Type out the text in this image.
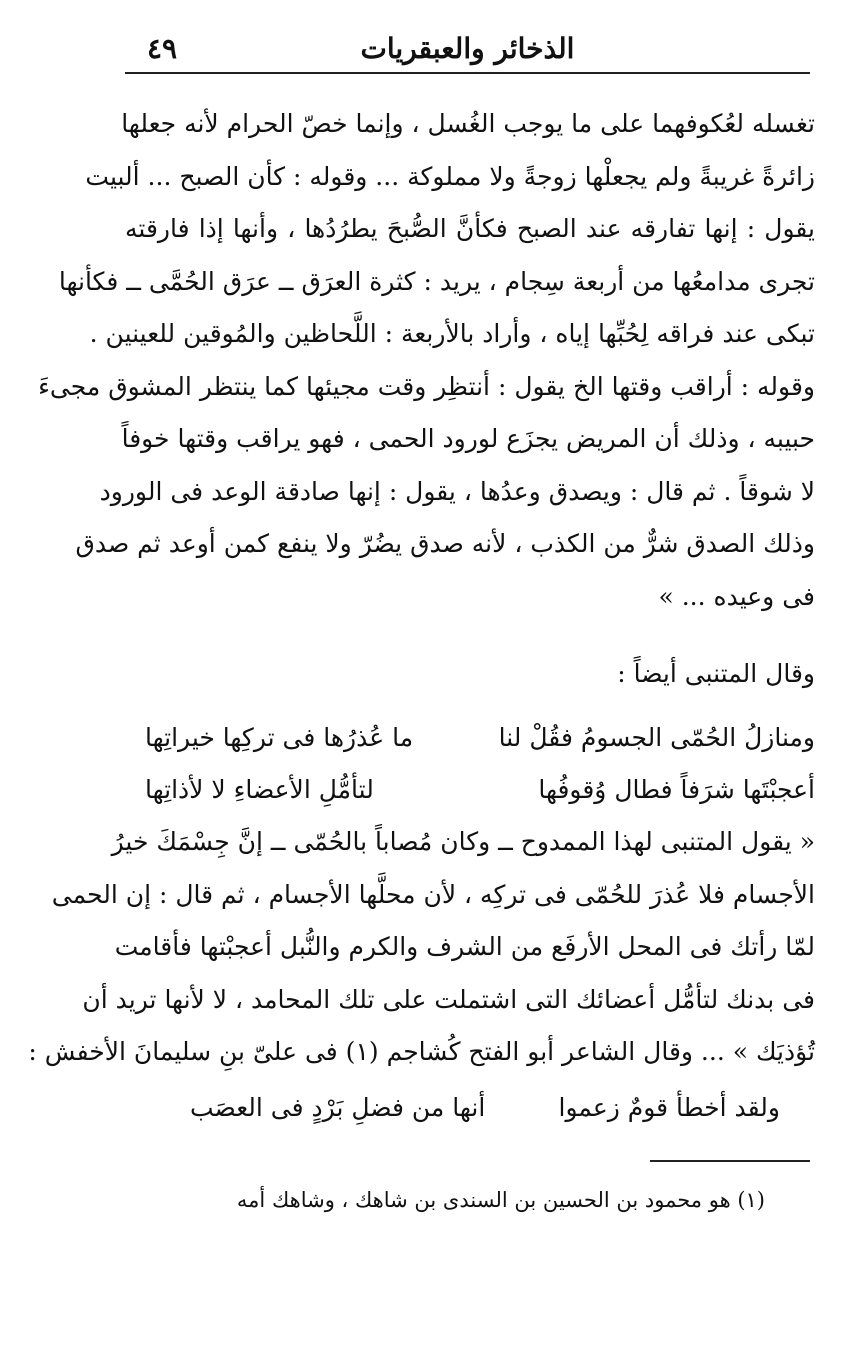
٤٩	الذخائر والعبقريات
تغسله لعُكوفهما على ما يوجب الغُسل ، وإنما خصّ الحرام لأنه جعلها
زائرةً غريبةً ولم يجعلْها زوجةً ولا مملوكة ... وقوله : كأن الصبح ... ألبيت
يقول : إنها تفارقه عند الصبح فكأنَّ الصُّبحَ يطرُدُها ، وأنها إذا فارقته
تجرى مدامعُها من أربعة سِجام ، يريد : كثرة العرَق ــ عرَق الحُمَّى ــ فكأنها
تبكى عند فراقه لِحُبِّها إياه ، وأراد بالأربعة : اللَّحاظين والمُوقين للعينين .
وقوله : أراقب وقتها الخ يقول : أنتظِر وقت مجيئها كما ينتظر المشوق مجىءَ
حبيبه ، وذلك أن المريض يجزَع لورود الحمى ، فهو يراقب وقتها خوفاً
لا شوقاً . ثم قال : ويصدق وعدُها ، يقول : إنها صادقة الوعد فى الورود
وذلك الصدق شرٌّ من الكذب ، لأنه صدق يضُرّ ولا ينفع كمن أوعد ثم صدق
فى وعيده ... »
وقال المتنبى أيضاً :
ومنازلُ الحُمّى الجسومُ فقُلْ لنا
ما عُذرُها فى تركِها خيراتِها
أعجبْتَها شرَفاً فطال وُقوفُها
لتأمُّلِ الأعضاءِ لا لأذاتِها
« يقول المتنبى لهذا الممدوح ــ وكان مُصاباً بالحُمّى ــ إنَّ جِسْمَكَ خيرُ
الأجسام فلا عُذرَ للحُمّى فى تركِه ، لأن محلَّها الأجسام ، ثم قال : إن الحمى
لمّا رأتك فى المحل الأرفَع من الشرف والكرم والنُّبل أعجبْتها فأقامت
فى بدنك لتأمُّل أعضائك التى اشتملت على تلك المحامد ، لا لأنها تريد أن
تُؤذيَك » ... وقال الشاعر أبو الفتح كُشاجم (١) فى علىّ بنِ سليمانَ الأخفش :
ولقد أخطأ قومٌ زعموا
أنها من فضلِ بَرْدٍ فى العصَب
(١) هو محمود بن الحسين بن السندى بن شاهك ، وشاهك أمه
